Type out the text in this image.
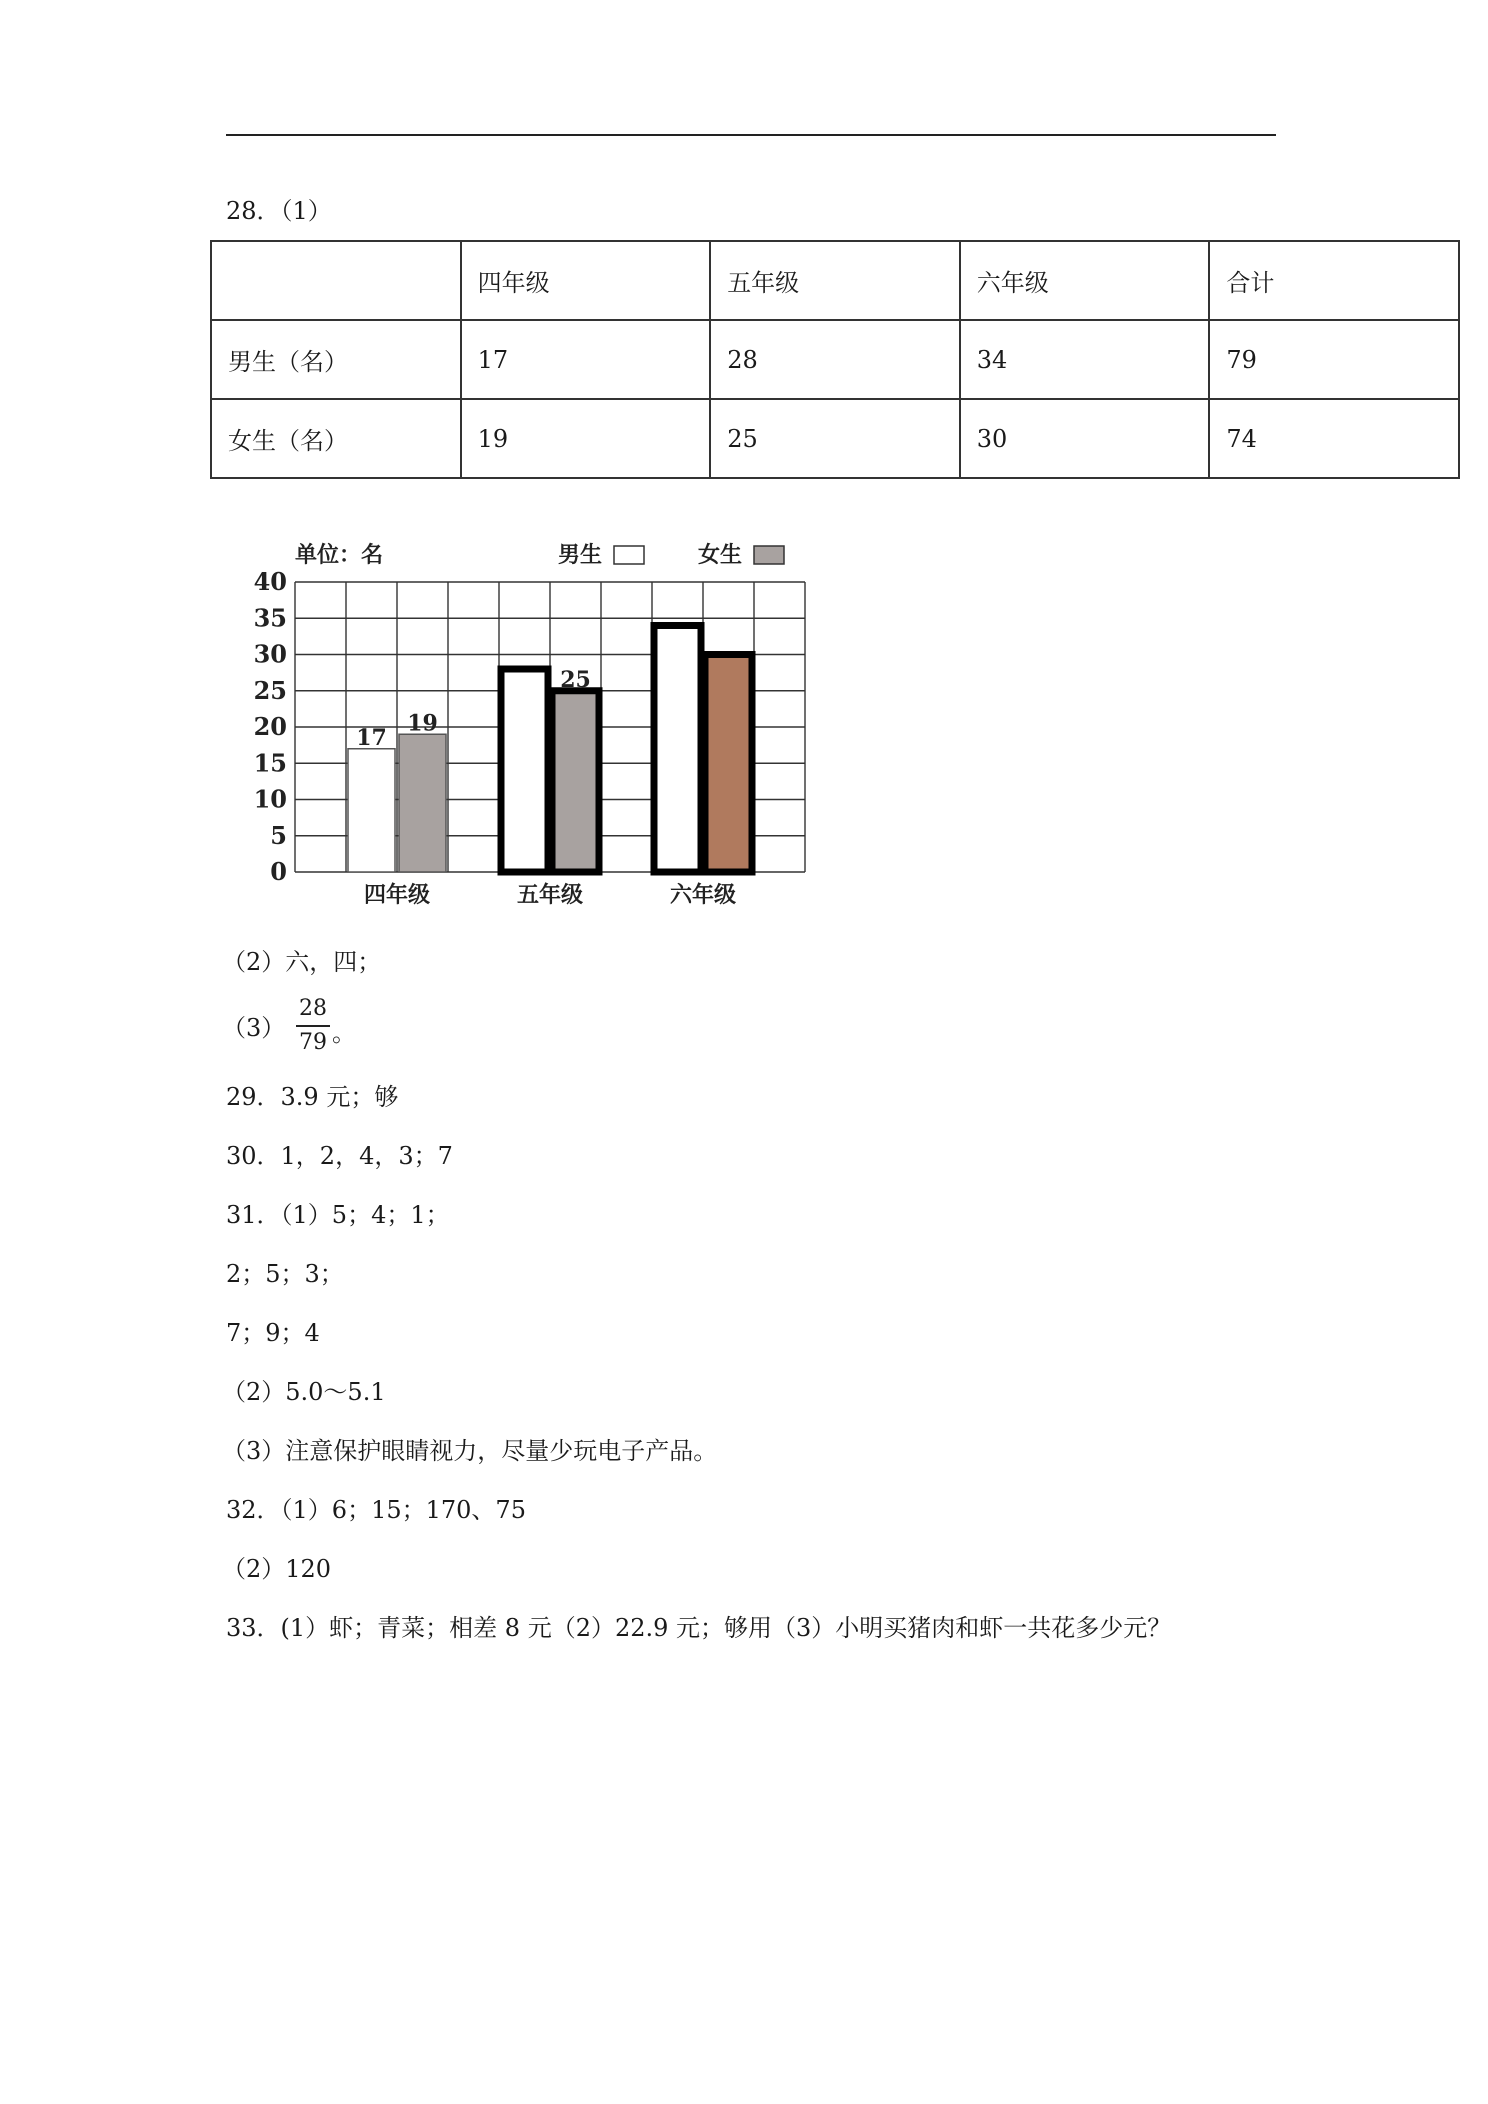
28．（1）
	四年级	五年级	六年级	合计
男生（名）	17	28	34	79
女生（名）	19	25	30	74
0
5
10
15
20
25
30
35
40
单位：名	男生	女生
四年级	五年级	六年级
17
19
25
（2）六，四；
（3）
28
79 。
29．3.9 元；够
30．1，2，4，3；7
31．（1）5；4；1；
2；5；3；
7；9；4
（2）5.0～5.1
（3）注意保护眼睛视力，尽量少玩电子产品。
32．（1）6；15；170、75
（2）120
33．(1）虾；青菜；相差 8 元（2）22.9 元；够用（3）小明买猪肉和虾一共花多少元？
